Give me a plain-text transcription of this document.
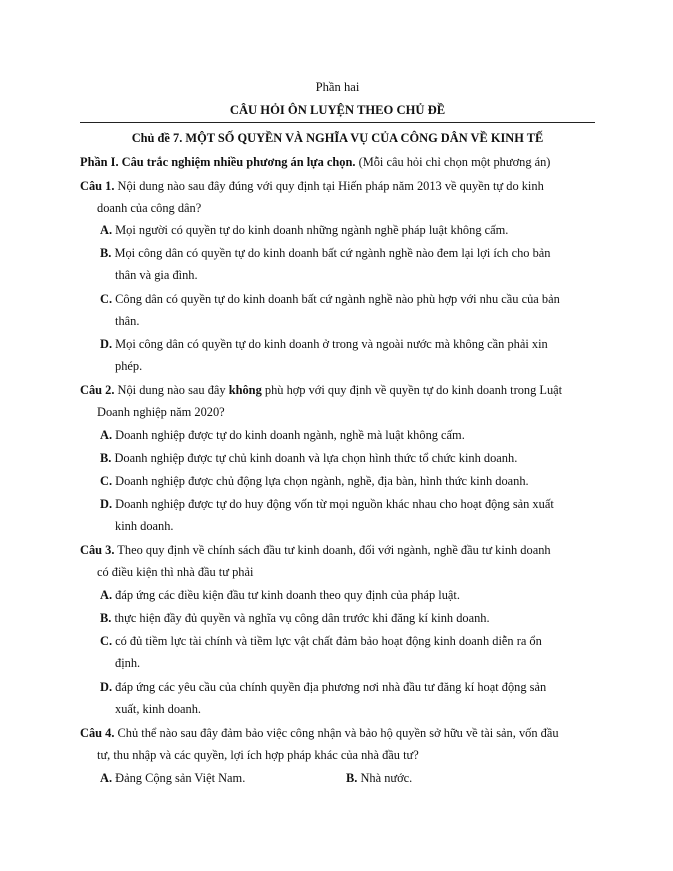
Phần hai
CÂU HỎI ÔN LUYỆN THEO CHỦ ĐỀ
Chủ đề 7. MỘT SỐ QUYỀN VÀ NGHĨA VỤ CỦA CÔNG DÂN VỀ KINH TẾ
Phần I. Câu trắc nghiệm nhiều phương án lựa chọn. (Mỗi câu hỏi chỉ chọn một phương án)
Câu 1. Nội dung nào sau đây đúng với quy định tại Hiến pháp năm 2013 về quyền tự do kinh
doanh của công dân?
A. Mọi người có quyền tự do kinh doanh những ngành nghề pháp luật không cấm.
B. Mọi công dân có quyền tự do kinh doanh bất cứ ngành nghề nào đem lại lợi ích cho bản
thân và gia đình.
C. Công dân có quyền tự do kinh doanh bất cứ ngành nghề nào phù hợp với nhu cầu của bản
thân.
D. Mọi công dân có quyền tự do kinh doanh ở trong và ngoài nước mà không cần phải xin
phép.
Câu 2. Nội dung nào sau đây không phù hợp với quy định về quyền tự do kinh doanh trong Luật
Doanh nghiệp năm 2020?
A. Doanh nghiệp được tự do kinh doanh ngành, nghề mà luật không cấm.
B. Doanh nghiệp được tự chủ kinh doanh và lựa chọn hình thức tổ chức kinh doanh.
C. Doanh nghiệp được chủ động lựa chọn ngành, nghề, địa bàn, hình thức kinh doanh.
D. Doanh nghiệp được tự do huy động vốn từ mọi nguồn khác nhau cho hoạt động sản xuất
kinh doanh.
Câu 3. Theo quy định về chính sách đầu tư kinh doanh, đối với ngành, nghề đầu tư kinh doanh
có điều kiện thì nhà đầu tư phải
A. đáp ứng các điều kiện đầu tư kinh doanh theo quy định của pháp luật.
B. thực hiện đầy đủ quyền và nghĩa vụ công dân trước khi đăng kí kinh doanh.
C. có đủ tiềm lực tài chính và tiềm lực vật chất đảm bảo hoạt động kinh doanh diễn ra ổn
định.
D. đáp ứng các yêu cầu của chính quyền địa phương nơi nhà đầu tư đăng kí hoạt động sản
xuất, kinh doanh.
Câu 4. Chủ thể nào sau đây đảm bảo việc công nhận và bảo hộ quyền sở hữu về tài sản, vốn đầu
tư, thu nhập và các quyền, lợi ích hợp pháp khác của nhà đầu tư?
A. Đảng Cộng sản Việt Nam.	B. Nhà nước.
